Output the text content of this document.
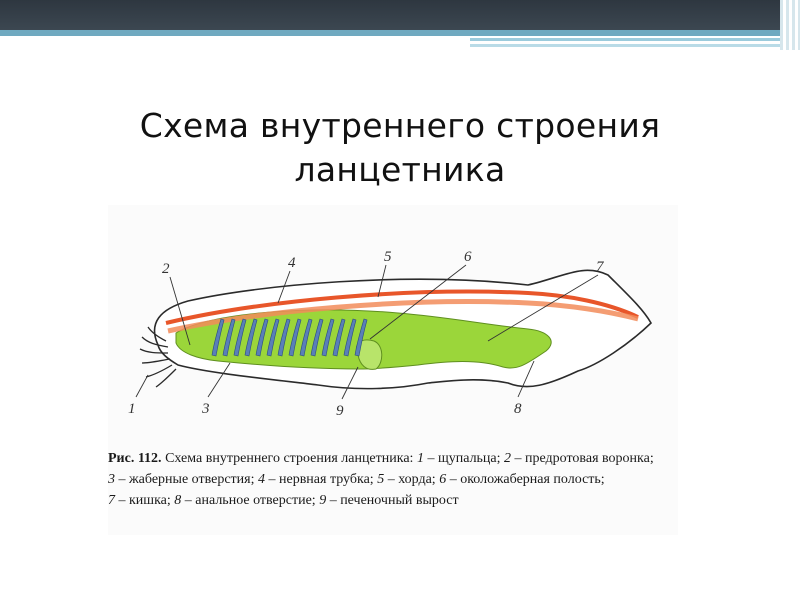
Схема внутреннего строения
ланцетника
2	4	5	6
7
1	3	9	8
Рис. 112. Схема внутреннего строения ланцетника: 1 – щупальца; 2 – предротовая воронка;
3 – жаберные отверстия; 4 – нервная трубка; 5 – хорда; 6 – околожаберная полость;
7 – кишка; 8 – анальное отверстие; 9 – печеночный вырост
